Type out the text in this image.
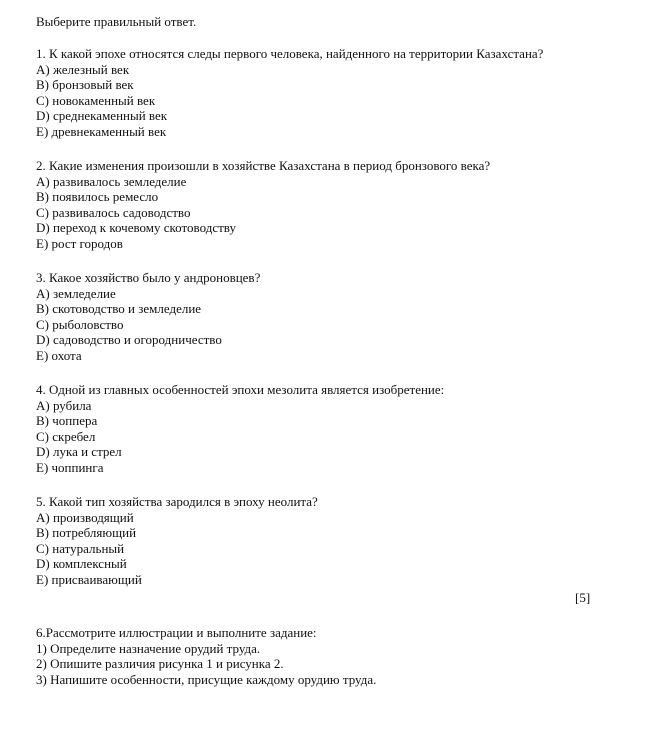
Выберите правильный ответ.
1. К какой эпохе относятся следы первого человека, найденного на территории Казахстана?
A) железный век
B) бронзовый век
C) новокаменный век
D) среднекаменный век
E) древнекаменный век
2. Какие изменения произошли в хозяйстве Казахстана в период бронзового века?
A) развивалось земледелие
B) появилось ремесло
C) развивалось садоводство
D) переход к кочевому скотоводству
E) рост городов
3. Какое хозяйство было у андроновцев?
A) земледелие
B) скотоводство и земледелие
C) рыболовство
D) садоводство и огородничество
E) охота
4. Одной из главных особенностей эпохи мезолита является изобретение:
A) рубила
B) чоппера
C) скребел
D) лука и стрел
E) чоппинга
5. Какой тип хозяйства зародился в эпоху неолита?
A) производящий
B) потребляющий
C) натуральный
D) комплексный
E) присваивающий
[5]
6.Рассмотрите иллюстрации и выполните задание:
1) Определите назначение орудий труда.
2) Опишите различия рисунка 1 и рисунка 2.
3) Напишите особенности, присущие каждому орудию труда.
